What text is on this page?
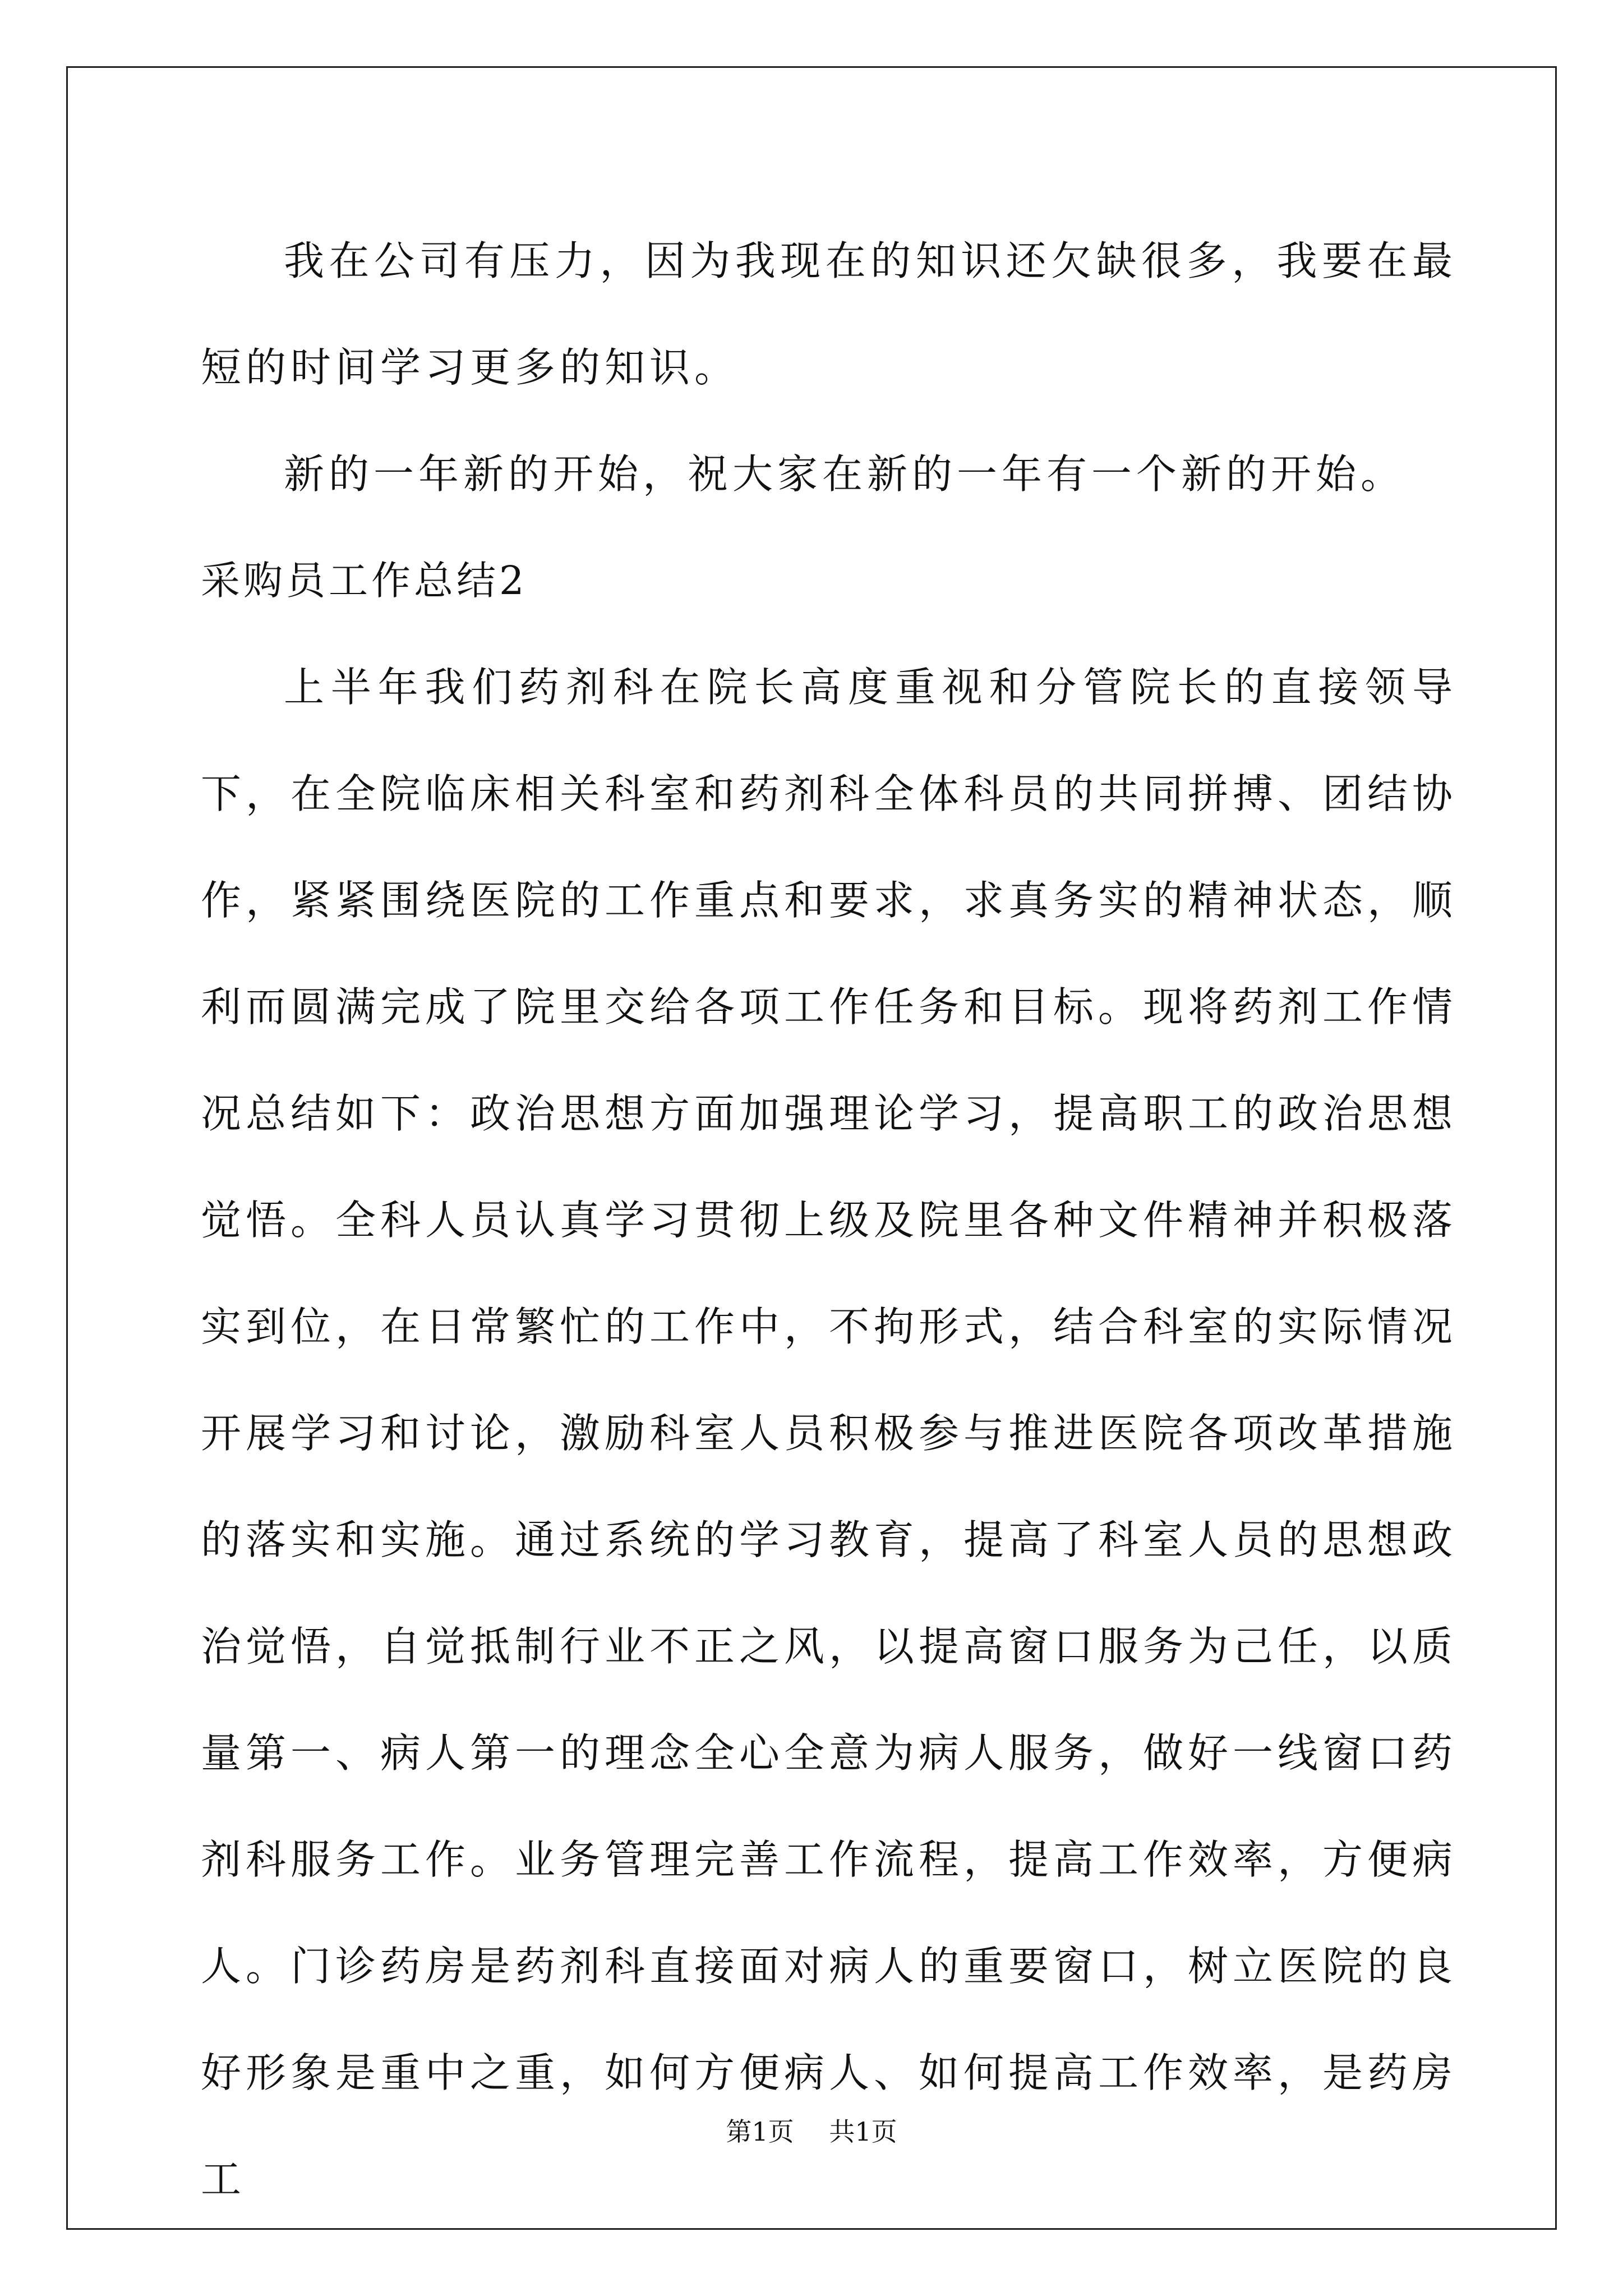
我在公司有压力，因为我现在的知识还欠缺很多，我要在最短的时间学习更多的知识。

新的一年新的开始，祝大家在新的一年有一个新的开始。

采购员工作总结2

上半年我们药剂科在院长高度重视和分管院长的直接领导下，在全院临床相关科室和药剂科全体科员的共同拼搏、团结协作，紧紧围绕医院的工作重点和要求，求真务实的精神状态，顺利而圆满完成了院里交给各项工作任务和目标。现将药剂工作情况总结如下：政治思想方面加强理论学习，提高职工的政治思想觉悟。全科人员认真学习贯彻上级及院里各种文件精神并积极落实到位，在日常繁忙的工作中，不拘形式，结合科室的实际情况开展学习和讨论，激励科室人员积极参与推进医院各项改革措施的落实和实施。通过系统的学习教育，提高了科室人员的思想政治觉悟，自觉抵制行业不正之风，以提高窗口服务为己任，以质量第一、病人第一的理念全心全意为病人服务，做好一线窗口药剂科服务工作。业务管理完善工作流程，提高工作效率，方便病人。门诊药房是药剂科直接面对病人的重要窗口，树立医院的良好形象是重中之重，如何方便病人、如何提高工作效率，是药房工

第1页 共1页
